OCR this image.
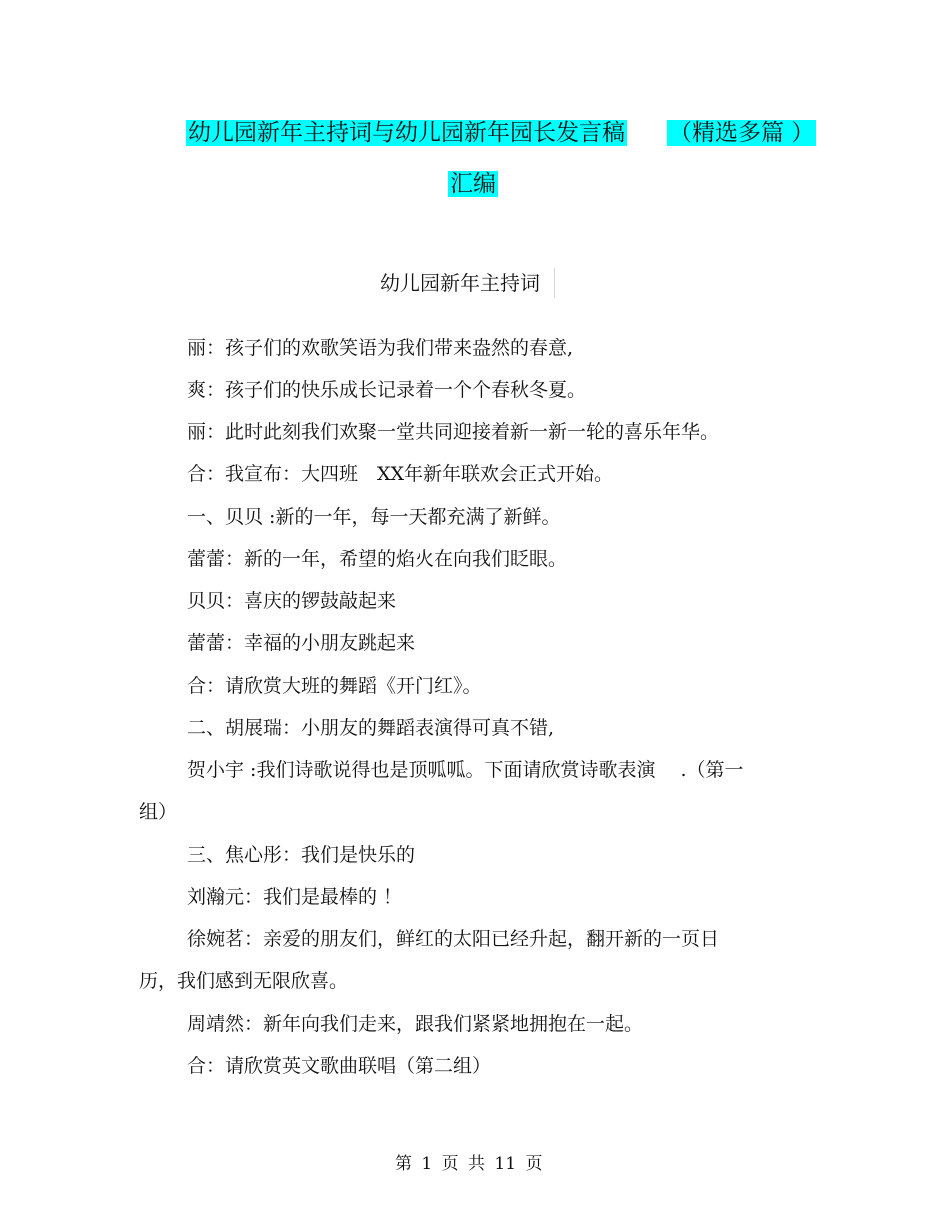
幼儿园新年主持词与幼儿园新年园长发言稿 （精选多篇 ）
汇编
幼儿园新年主持词
丽：孩子们的欢歌笑语为我们带来盎然的春意,
爽：孩子们的快乐成长记录着一个个春秋冬夏。
丽：此时此刻我们欢聚一堂共同迎接着新一新一轮的喜乐年华。
合：我宣布：大四班　XX年新年联欢会正式开始。
一、贝贝 :新的一年，每一天都充满了新鲜。
蕾蕾：新的一年，希望的焰火在向我们眨眼。
贝贝：喜庆的锣鼓敲起来
蕾蕾：幸福的小朋友跳起来
合：请欣赏大班的舞蹈《开门红》。
二、胡展瑞：小朋友的舞蹈表演得可真不错,
贺小宇 :我们诗歌说得也是顶呱呱。下面请欣赏诗歌表演　 .（第一
组）
三、焦心彤：我们是快乐的
刘瀚元：我们是最棒的 ！
徐婉茗：亲爱的朋友们，鲜红的太阳已经升起，翻开新的一页日
历，我们感到无限欣喜。
周靖然：新年向我们走来，跟我们紧紧地拥抱在一起。
合：请欣赏英文歌曲联唱（第二组）
第 1 页 共 11 页
